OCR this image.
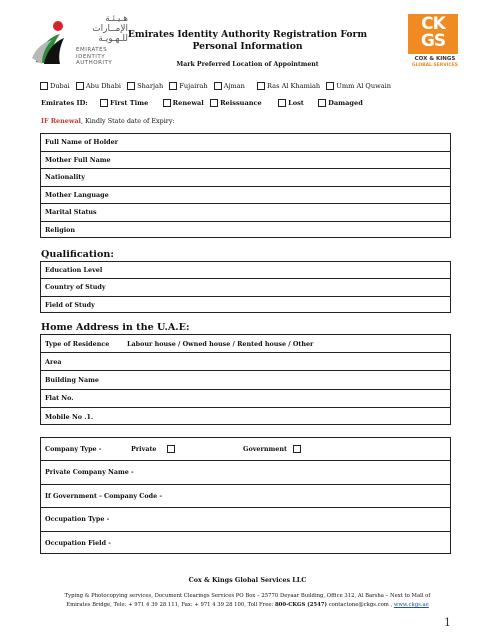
هـيـئـة
الإمــارات
للـهـويـة
EMIRATES
IDENTITY
AUTHORITY
CK
GS
COX & KINGS
GLOBAL SERVICES
Emirates Identity Authority Registration Form
Personal Information
Mark Preferred Location of Appointment
Dubai Abu Dhabi Sharjah Fujairah Ajman	Ras Al Khamiah Umm Al Quwain
Emirates ID:	First Time	Renewal Reissuance	Lost	Damaged
IF Renewal, Kindly State date of Expiry:
Full Name of Holder
Mother Full Name
Nationality
Mother Language
Marital Status
Religion
Qualification:
Education Level
Country of Study
Field of Study
Home Address in the U.A.E:
Type of Residence	Labour house / Owned house / Rented house / Other
Area
Building Name
Flat No.
Mobile No .1.
Company Type -	Private	Government
Private Company Name -
If Government - Company Code -
Occupation Type -
Occupation Field -
Cox & Kings Global Services LLC
Typing & Photocopying services, Document Clearings Services PO Box – 25770 Deyaar Building, Office 312, Al Barsha – Next to Mall of
Emirates Bridge, Tele: + 971 4 39 28 111, Fax: + 971 4 39 28 100, Toll Free: 800-CKGS (2547) contactone@ckgs.com , www.ckgs.ae
1
